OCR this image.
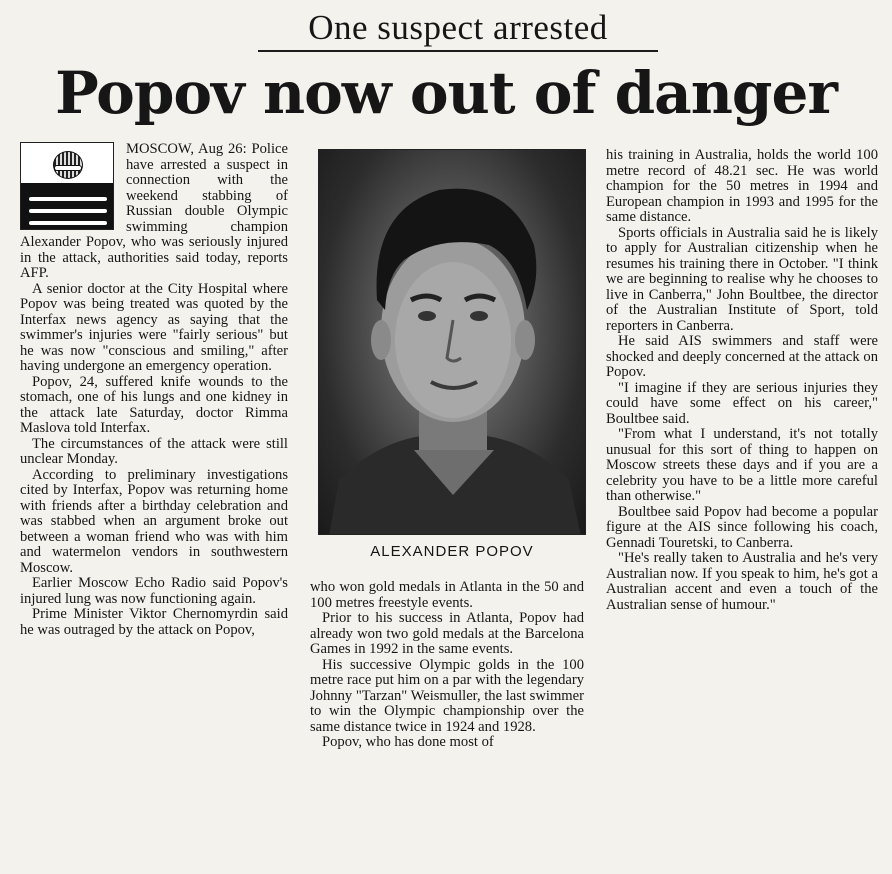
One suspect arrested
Popov now out of danger

MOSCOW, Aug 26: Police have arrested a suspect in connection with the weekend stabbing of Russian double Olympic swimming champion Alexander Popov, who was seriously injured in the attack, authorities said today, reports AFP.

A senior doctor at the City Hospital where Popov was being treated was quoted by the Interfax news agency as saying that the swimmer's injuries were "fairly serious" but he was now "conscious and smiling," after having undergone an emergency operation.

Popov, 24, suffered knife wounds to the stomach, one of his lungs and one kidney in the attack late Saturday, doctor Rimma Maslova told Interfax.

The circumstances of the attack were still unclear Monday.

According to preliminary investigations cited by Interfax, Popov was returning home with friends after a birthday celebration and was stabbed when an argument broke out between a woman friend who was with him and watermelon vendors in southwestern Moscow.

Earlier Moscow Echo Radio said Popov's injured lung was now functioning again.

Prime Minister Viktor Chernomyrdin said he was outraged by the attack on Popov,

ALEXANDER POPOV

who won gold medals in Atlanta in the 50 and 100 metres freestyle events.

Prior to his success in Atlanta, Popov had already won two gold medals at the Barcelona Games in 1992 in the same events.

His successive Olympic golds in the 100 metre race put him on a par with the legendary Johnny "Tarzan" Weismuller, the last swimmer to win the Olympic championship over the same distance twice in 1924 and 1928.

Popov, who has done most of

his training in Australia, holds the world 100 metre record of 48.21 sec. He was world champion for the 50 metres in 1994 and European champion in 1993 and 1995 for the same distance.

Sports officials in Australia said he is likely to apply for Australian citizenship when he resumes his training there in October. "I think we are beginning to realise why he chooses to live in Canberra," John Boultbee, the director of the Australian Institute of Sport, told reporters in Canberra.

He said AIS swimmers and staff were shocked and deeply concerned at the attack on Popov.

"I imagine if they are serious injuries they could have some effect on his career," Boultbee said.

"From what I understand, it's not totally unusual for this sort of thing to happen on Moscow streets these days and if you are a celebrity you have to be a little more careful than otherwise."

Boultbee said Popov had become a popular figure at the AIS since following his coach, Gennadi Touretski, to Canberra.

"He's really taken to Australia and he's very Australian now. If you speak to him, he's got a Australian accent and even a touch of the Australian sense of humour."
